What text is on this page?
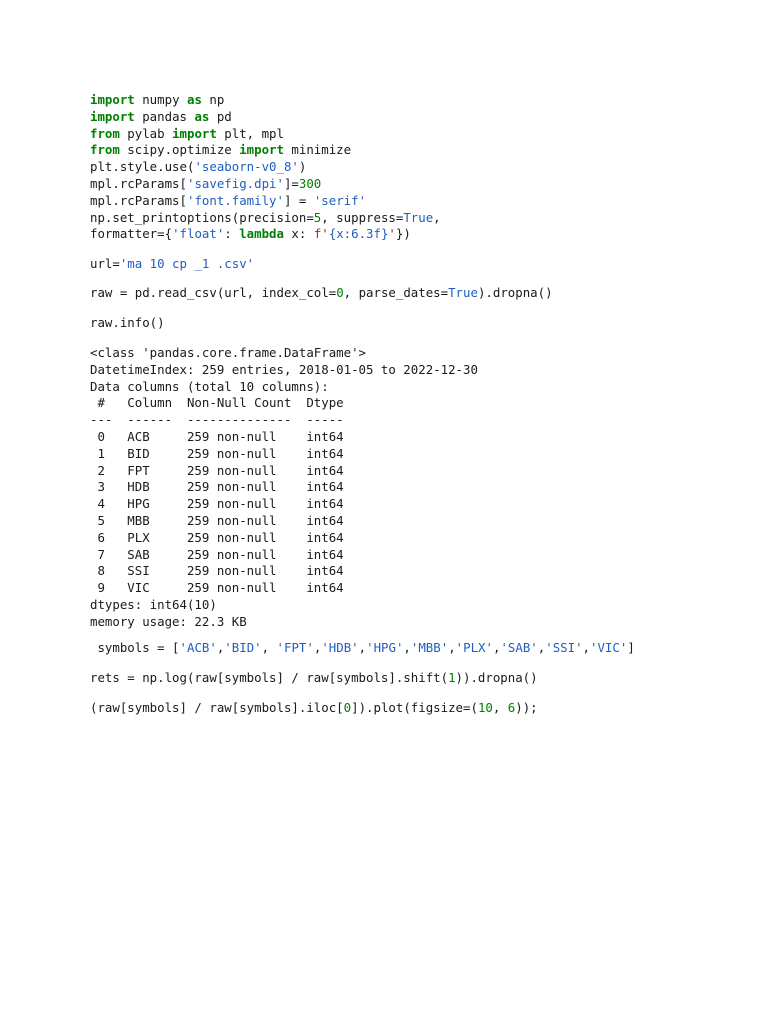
import numpy as np
import pandas as pd
from pylab import plt, mpl
from scipy.optimize import minimize
plt.style.use('seaborn-v0_8')
mpl.rcParams['savefig.dpi']=300
mpl.rcParams['font.family'] = 'serif'
np.set_printoptions(precision=5, suppress=True,
formatter={'float': lambda x: f'{x:6.3f}'})
url='ma 10 cp _1 .csv'
raw = pd.read_csv(url, index_col=0, parse_dates=True).dropna()
raw.info()
<class 'pandas.core.frame.DataFrame'>
DatetimeIndex: 259 entries, 2018-01-05 to 2022-12-30
Data columns (total 10 columns):
#   Column  Non-Null Count  Dtype
---  ------  --------------  -----
0   ACB     259 non-null    int64
1   BID     259 non-null    int64
2   FPT     259 non-null    int64
3   HDB     259 non-null    int64
4   HPG     259 non-null    int64
5   MBB     259 non-null    int64
6   PLX     259 non-null    int64
7   SAB     259 non-null    int64
8   SSI     259 non-null    int64
9   VIC     259 non-null    int64
dtypes: int64(10)
memory usage: 22.3 KB
symbols = ['ACB','BID', 'FPT','HDB','HPG','MBB','PLX','SAB','SSI','VIC']
rets = np.log(raw[symbols] / raw[symbols].shift(1)).dropna()
(raw[symbols] / raw[symbols].iloc[0]).plot(figsize=(10, 6));
